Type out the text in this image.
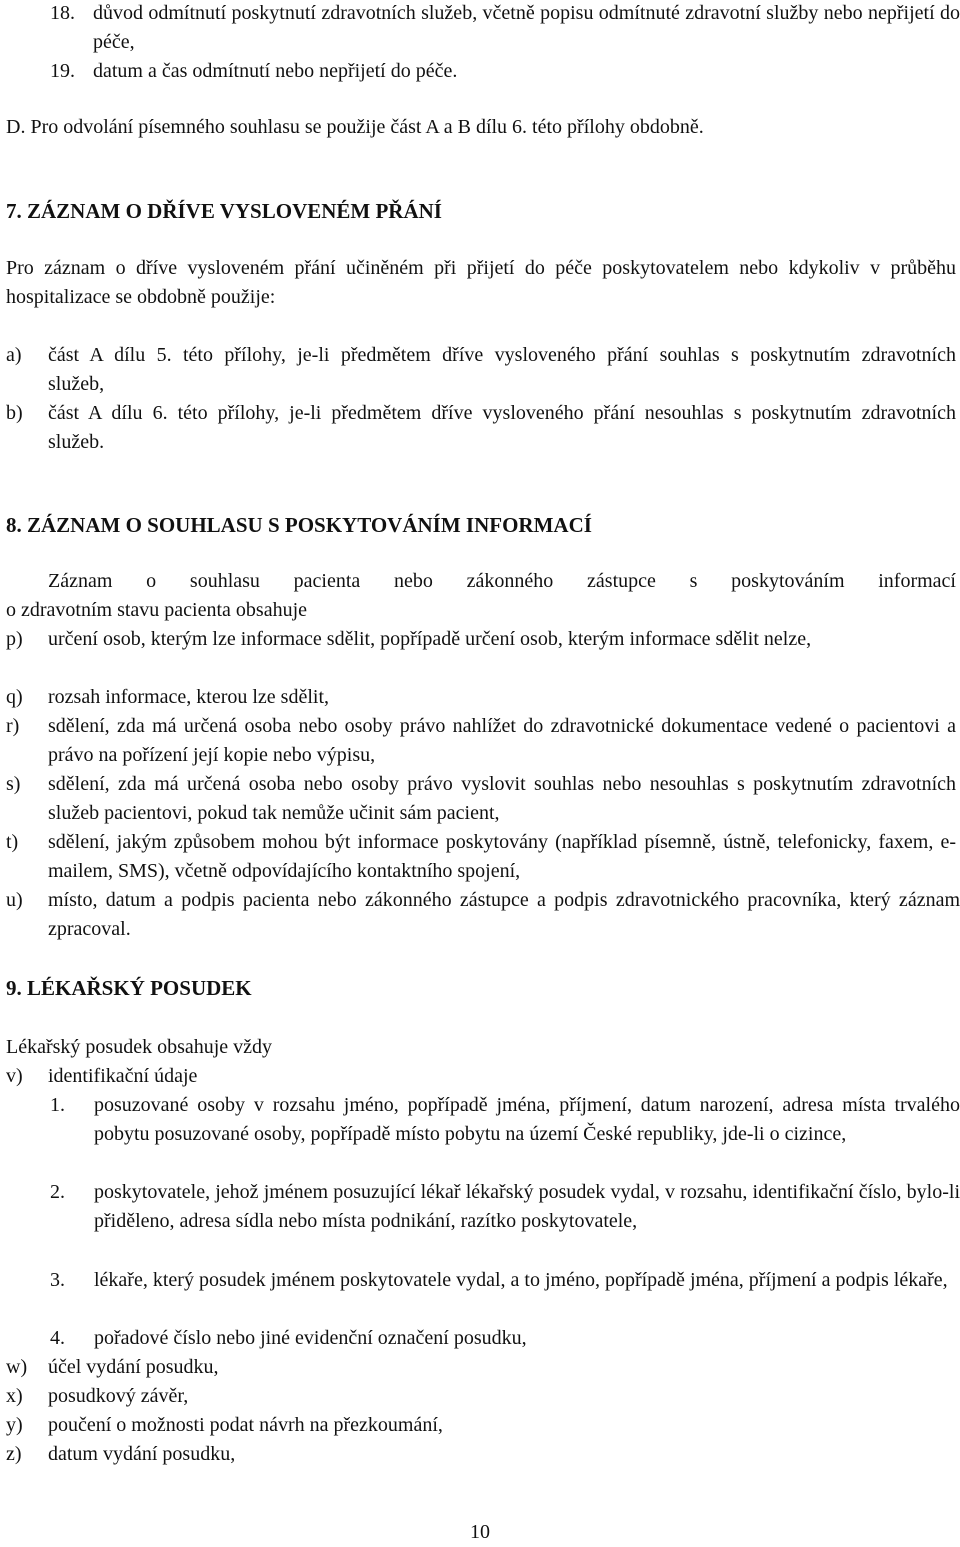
18. důvod odmítnutí poskytnutí zdravotních služeb, včetně popisu odmítnuté zdravotní služby nebo nepřijetí do péče,
19. datum a čas odmítnutí nebo nepřijetí do péče.
D. Pro odvolání písemného souhlasu se použije část A a B dílu 6. této přílohy obdobně.
7. ZÁZNAM O DŘÍVE VYSLOVENÉM PŘÁNÍ
Pro záznam o dříve vysloveném přání učiněném při přijetí do péče poskytovatelem nebo kdykoliv v průběhu hospitalizace se obdobně použije:
a) část A dílu 5. této přílohy, je-li předmětem dříve vysloveného přání souhlas s poskytnutím zdravotních služeb,
b) část A dílu 6. této přílohy, je-li předmětem dříve vysloveného přání nesouhlas s poskytnutím zdravotních služeb.
8. ZÁZNAM O SOUHLASU S POSKYTOVÁNÍM INFORMACÍ
Záznam o souhlasu pacienta nebo zákonného zástupce s poskytováním informací
o zdravotním stavu pacienta obsahuje
p) určení osob, kterým lze informace sdělit, popřípadě určení osob, kterým informace sdělit nelze,
q) rozsah informace, kterou lze sdělit,
r) sdělení, zda má určená osoba nebo osoby právo nahlížet do zdravotnické dokumentace vedené o pacientovi a právo na pořízení její kopie nebo výpisu,
s) sdělení, zda má určená osoba nebo osoby právo vyslovit souhlas nebo nesouhlas s poskytnutím zdravotních služeb pacientovi, pokud tak nemůže učinit sám pacient,
t) sdělení, jakým způsobem mohou být informace poskytovány (například písemně, ústně, telefonicky, faxem, e-mailem, SMS), včetně odpovídajícího kontaktního spojení,
u) místo, datum a podpis pacienta nebo zákonného zástupce a podpis zdravotnického pracovníka, který záznam zpracoval.
9. LÉKAŘSKÝ POSUDEK
Lékařský posudek obsahuje vždy
v) identifikační údaje
1. posuzované osoby v rozsahu jméno, popřípadě jména, příjmení, datum narození, adresa místa trvalého pobytu posuzované osoby, popřípadě místo pobytu na území České republiky, jde-li o cizince,
2. poskytovatele, jehož jménem posuzující lékař lékařský posudek vydal, v rozsahu, identifikační číslo, bylo-li přiděleno, adresa sídla nebo místa podnikání, razítko poskytovatele,
3. lékaře, který posudek jménem poskytovatele vydal, a to jméno, popřípadě jména, příjmení a podpis lékaře,
4. pořadové číslo nebo jiné evidenční označení posudku,
w) účel vydání posudku,
x) posudkový závěr,
y) poučení o možnosti podat návrh na přezkoumání,
z) datum vydání posudku,
10
